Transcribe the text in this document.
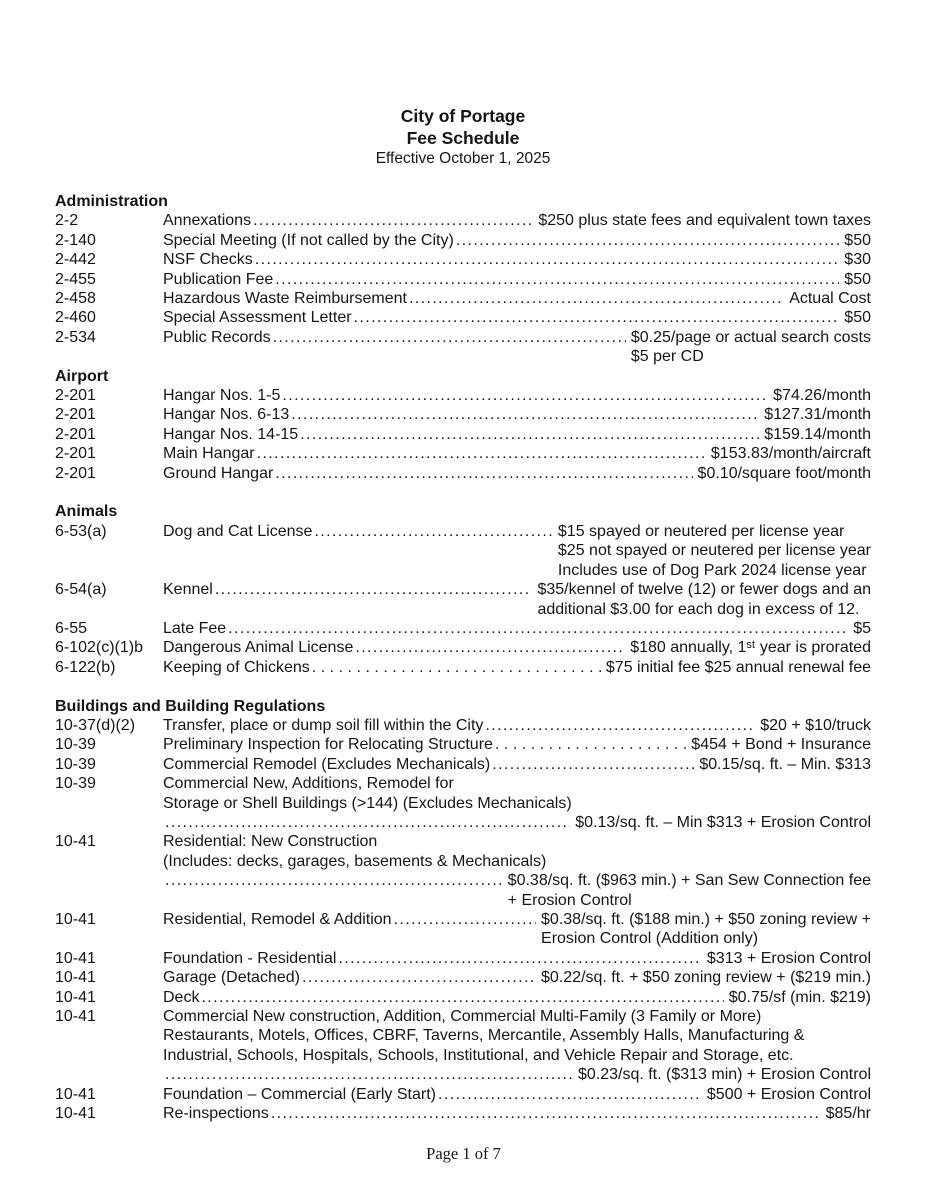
City of Portage
Fee Schedule
Effective October 1, 2025
Administration
2-2	Annexations .....	$250 plus state fees and equivalent town taxes
2-140	Special Meeting (If not called by the City) .....	$50
2-442	NSF Checks .....	$30
2-455	Publication Fee .....	$50
2-458	Hazardous Waste Reimbursement .....	Actual Cost
2-460	Special Assessment Letter .....	$50
2-534	Public Records .....	$0.25/page or actual search costs
$5 per CD
Airport
2-201	Hangar Nos. 1-5 .....	$74.26/month
2-201	Hangar Nos. 6-13 .....	$127.31/month
2-201	Hangar Nos. 14-15 .....	$159.14/month
2-201	Main Hangar .....	$153.83/month/aircraft
2-201	Ground Hangar .....	$0.10/square foot/month
Animals
6-53(a)	Dog and Cat License .....	$15 spayed or neutered per license year
$25 not spayed or neutered per license year
Includes use of Dog Park 2024 license year
6-54(a)	Kennel .....	$35/kennel of twelve (12) or fewer dogs and an
additional $3.00 for each dog in excess of 12.
6-55	Late Fee .....	$5
6-102(c)(1)b	Dangerous Animal License .....	$180 annually, 1ˢᵗ year is prorated
6-122(b)	Keeping of Chickens .....	$75 initial fee $25 annual renewal fee
Buildings and Building Regulations
10-37(d)(2)	Transfer, place or dump soil fill within the City .....	$20 + $10/truck
10-39	Preliminary Inspection for Relocating Structure .....	$454 + Bond + Insurance
10-39	Commercial Remodel (Excludes Mechanicals) .....	$0.15/sq. ft. – Min. $313
10-39	Commercial New, Additions, Remodel for
Storage or Shell Buildings (>144) (Excludes Mechanicals)
.....
$0.13/sq. ft. – Min $313 + Erosion Control
10-41	Residential: New Construction
(Includes: decks, garages, basements & Mechanicals)
.....
$0.38/sq. ft. ($963 min.) + San Sew Connection fee
+ Erosion Control
10-41	Residential, Remodel & Addition .....	$0.38/sq. ft. ($188 min.) + $50 zoning review +
Erosion Control (Addition only)
10-41	Foundation - Residential .....	$313 + Erosion Control
10-41	Garage (Detached) .....	$0.22/sq. ft. + $50 zoning review + ($219 min.)
10-41	Deck .....	$0.75/sf (min. $219)
10-41	Commercial New construction, Addition, Commercial Multi-Family (3 Family or More)
Restaurants, Motels, Offices, CBRF, Taverns, Mercantile, Assembly Halls, Manufacturing &
Industrial, Schools, Hospitals, Schools, Institutional, and Vehicle Repair and Storage, etc.
.....
$0.23/sq. ft. ($313 min) + Erosion Control
10-41	Foundation – Commercial (Early Start) .....	$500 + Erosion Control
10-41	Re-inspections .....	$85/hr
Page 1 of 7
